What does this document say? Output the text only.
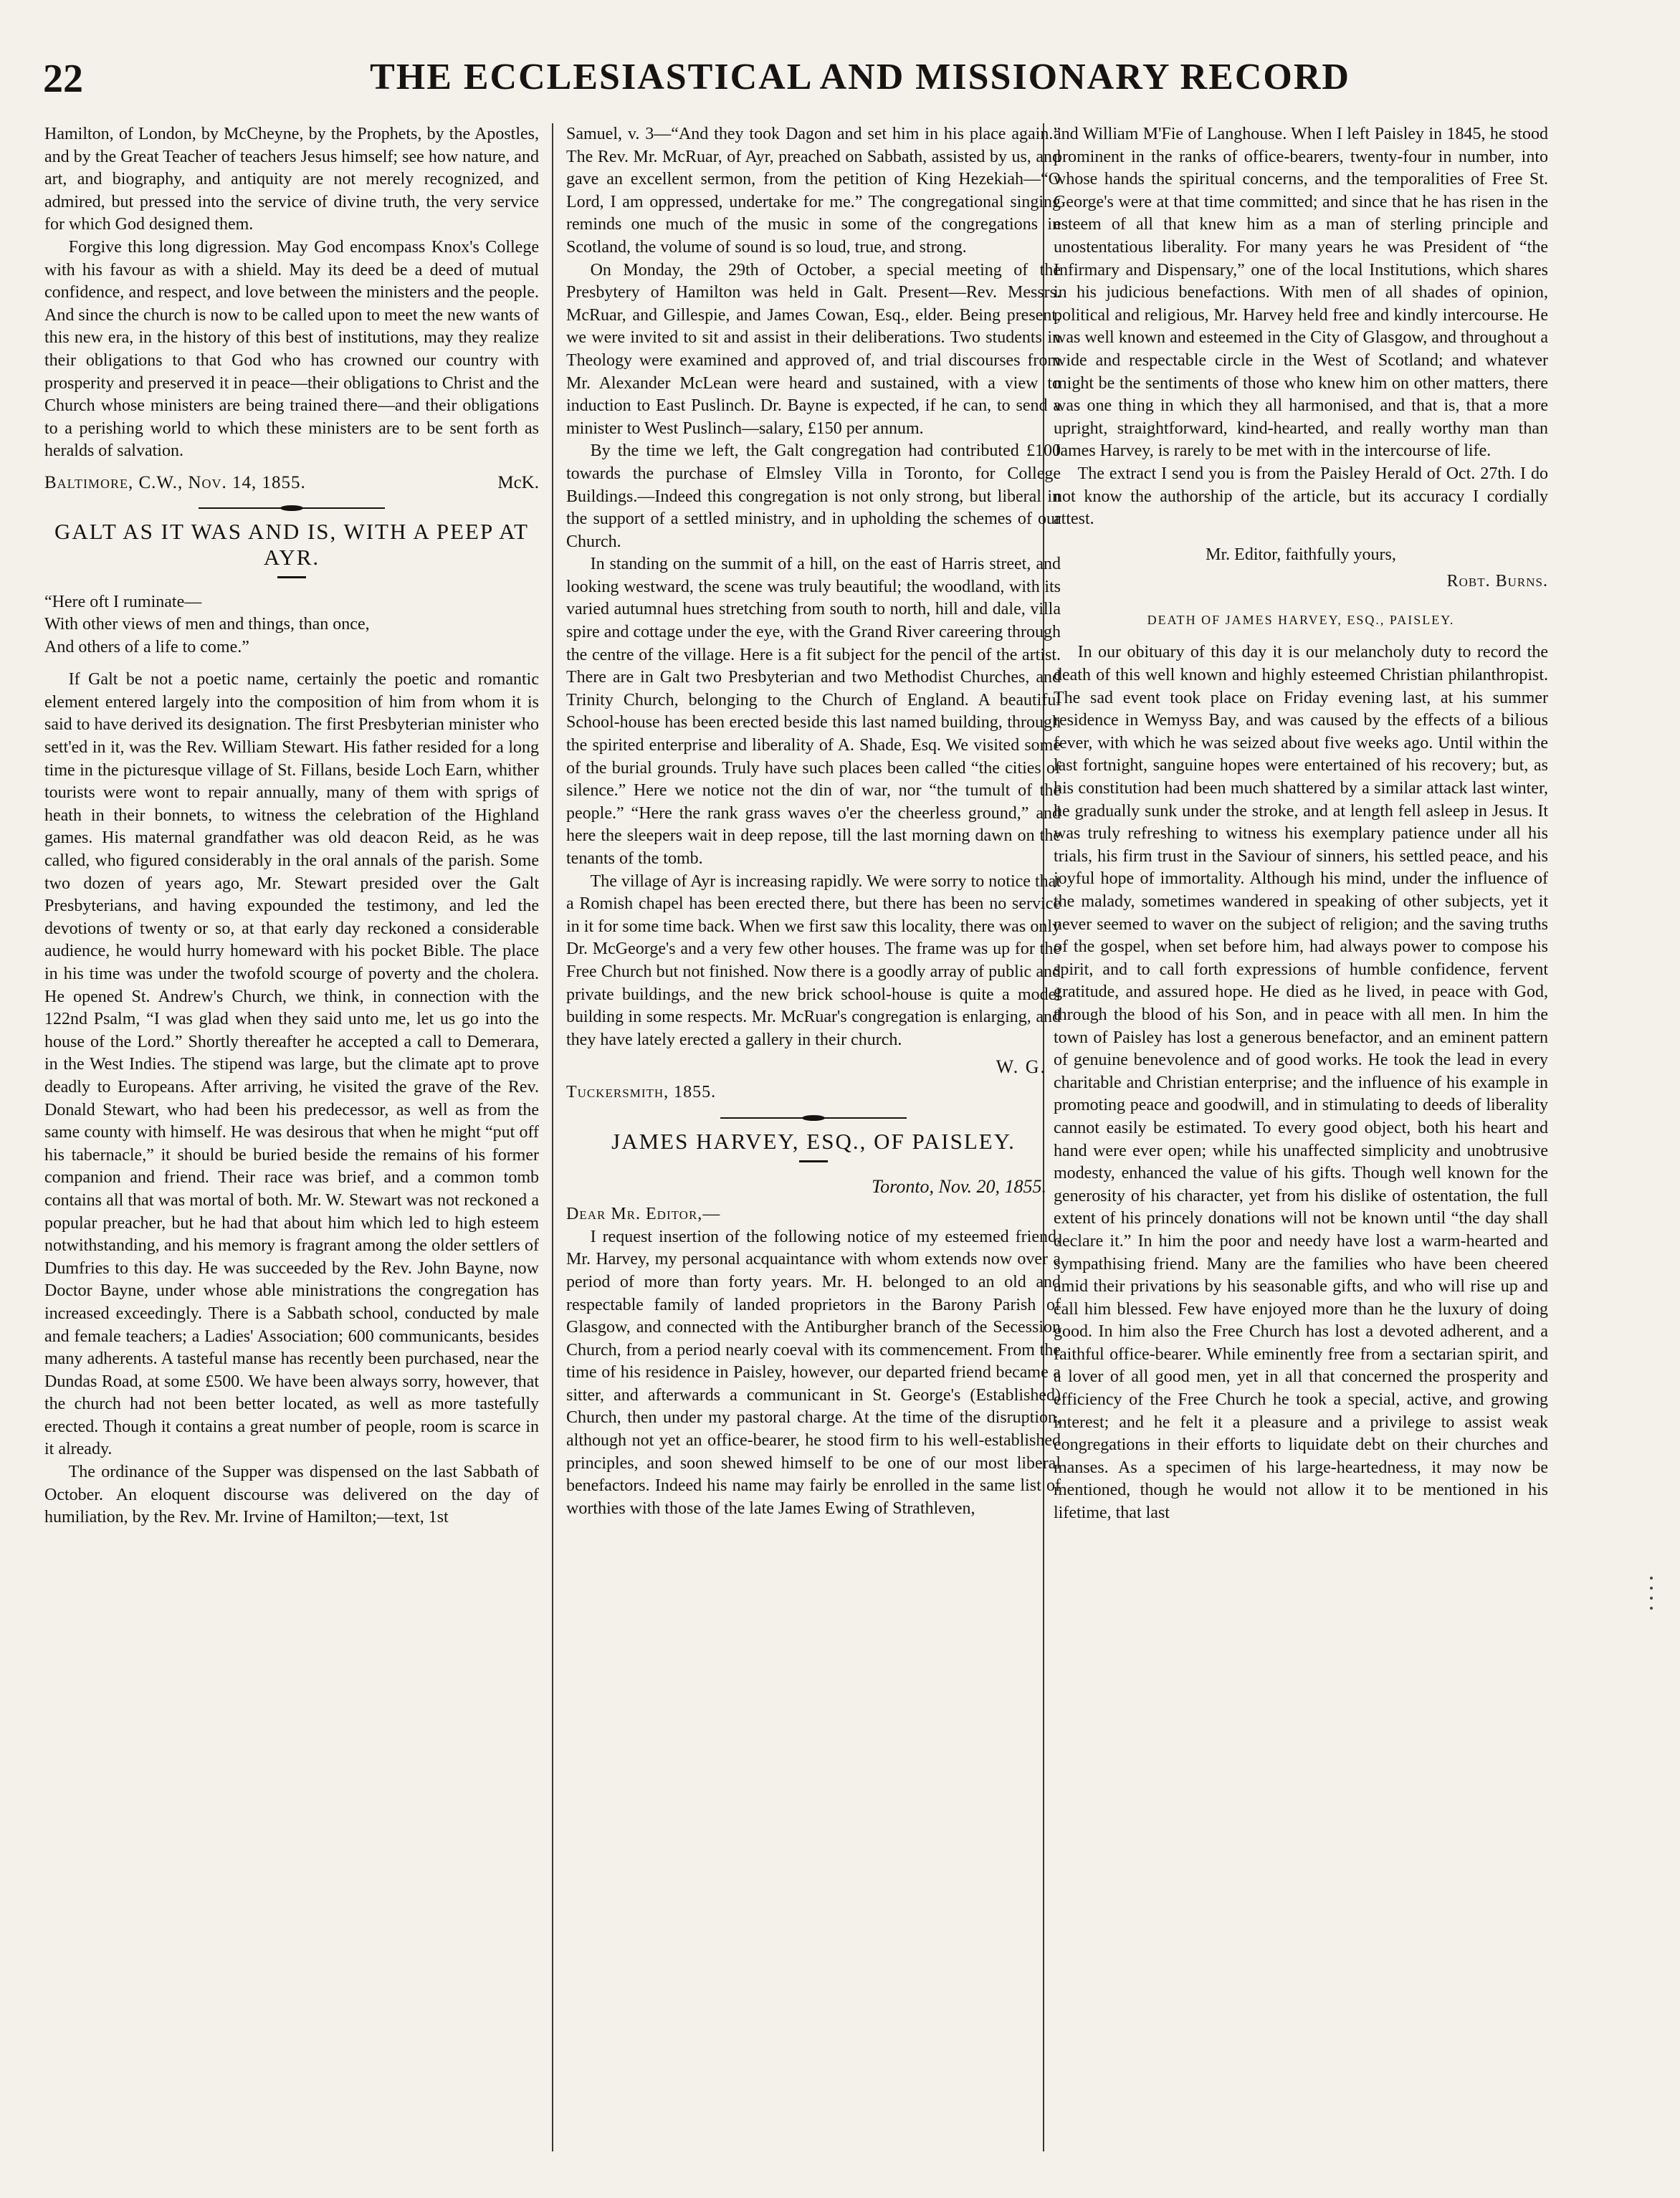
22	THE ECCLESIASTICAL AND MISSIONARY RECORD

Hamilton, of London, by McCheyne, by the Prophets, by the Apostles, and by the Great Teacher of teachers Jesus himself; see how nature, and art, and biography, and antiquity are not merely recognized, and admired, but pressed into the service of divine truth, the very service for which God designed them.

Forgive this long digression. May God encompass Knox's College with his favour as with a shield. May its deed be a deed of mutual confidence, and respect, and love between the ministers and the people. And since the church is now to be called upon to meet the new wants of this new era, in the history of this best of institutions, may they realize their obligations to that God who has crowned our country with prosperity and preserved it in peace—their obligations to Christ and the Church whose ministers are being trained there—and their obligations to a perishing world to which these ministers are to be sent forth as heralds of salvation.

Baltimore, C.W., Nov. 14, 1855.	McK.
GALT AS IT WAS AND IS, WITH A PEEP AT AYR.
“Here oft I ruminate—
With other views of men and things, than once,
And others of a life to come.”

If Galt be not a poetic name, certainly the poetic and romantic element entered largely into the composition of him from whom it is said to have derived its designation. The first Presbyterian minister who sett'ed in it, was the Rev. William Stewart. His father resided for a long time in the picturesque village of St. Fillans, beside Loch Earn, whither tourists were wont to repair annually, many of them with sprigs of heath in their bonnets, to witness the celebration of the Highland games. His maternal grandfather was old deacon Reid, as he was called, who figured considerably in the oral annals of the parish. Some two dozen of years ago, Mr. Stewart presided over the Galt Presbyterians, and having expounded the testimony, and led the devotions of twenty or so, at that early day reckoned a considerable audience, he would hurry homeward with his pocket Bible. The place in his time was under the twofold scourge of poverty and the cholera. He opened St. Andrew's Church, we think, in connection with the 122nd Psalm, “I was glad when they said unto me, let us go into the house of the Lord.” Shortly thereafter he accepted a call to Demerara, in the West Indies. The stipend was large, but the climate apt to prove deadly to Europeans. After arriving, he visited the grave of the Rev. Donald Stewart, who had been his predecessor, as well as from the same county with himself. He was desirous that when he might “put off his tabernacle,” it should be buried beside the remains of his former companion and friend. Their race was brief, and a common tomb contains all that was mortal of both. Mr. W. Stewart was not reckoned a popular preacher, but he had that about him which led to high esteem notwithstanding, and his memory is fragrant among the older settlers of Dumfries to this day. He was succeeded by the Rev. John Bayne, now Doctor Bayne, under whose able ministrations the congregation has increased exceedingly. There is a Sabbath school, conducted by male and female teachers; a Ladies' Association; 600 communicants, besides many adherents. A tasteful manse has recently been purchased, near the Dundas Road, at some £500. We have been always sorry, however, that the church had not been better located, as well as more tastefully erected. Though it contains a great number of people, room is scarce in it already.

The ordinance of the Supper was dispensed on the last Sabbath of October. An eloquent discourse was delivered on the day of humiliation, by the Rev. Mr. Irvine of Hamilton;—text, 1st

Samuel, v. 3—“And they took Dagon and set him in his place again.” The Rev. Mr. McRuar, of Ayr, preached on Sabbath, assisted by us, and gave an excellent sermon, from the petition of King Hezekiah—“O Lord, I am oppressed, undertake for me.” The congregational singing reminds one much of the music in some of the congregations in Scotland, the volume of sound is so loud, true, and strong.

On Monday, the 29th of October, a special meeting of the Presbytery of Hamilton was held in Galt. Present—Rev. Messrs. McRuar, and Gillespie, and James Cowan, Esq., elder. Being present, we were invited to sit and assist in their deliberations. Two students in Theology were examined and approved of, and trial discourses from Mr. Alexander McLean were heard and sustained, with a view to induction to East Puslinch. Dr. Bayne is expected, if he can, to send a minister to West Puslinch—salary, £150 per annum.

By the time we left, the Galt congregation had contributed £100 towards the purchase of Elmsley Villa in Toronto, for College Buildings.—Indeed this congregation is not only strong, but liberal in the support of a settled ministry, and in upholding the schemes of our Church.

In standing on the summit of a hill, on the east of Harris street, and looking westward, the scene was truly beautiful; the woodland, with its varied autumnal hues stretching from south to north, hill and dale, villa spire and cottage under the eye, with the Grand River careering through the centre of the village. Here is a fit subject for the pencil of the artist. There are in Galt two Presbyterian and two Methodist Churches, and Trinity Church, belonging to the Church of England. A beautiful School-house has been erected beside this last named building, through the spirited enterprise and liberality of A. Shade, Esq. We visited some of the burial grounds. Truly have such places been called “the cities of silence.” Here we notice not the din of war, nor “the tumult of the people.” “Here the rank grass waves o'er the cheerless ground,” and here the sleepers wait in deep repose, till the last morning dawn on the tenants of the tomb.

The village of Ayr is increasing rapidly. We were sorry to notice that a Romish chapel has been erected there, but there has been no service in it for some time back. When we first saw this locality, there was only Dr. McGeorge's and a very few other houses. The frame was up for the Free Church but not finished. Now there is a goodly array of public and private buildings, and the new brick school-house is quite a model building in some respects. Mr. McRuar's congregation is enlarging, and they have lately erected a gallery in their church.

W. G.
Tuckersmith, 1855.
JAMES HARVEY, ESQ., OF PAISLEY.
Toronto, Nov. 20, 1855.
Dear Mr. Editor,—

I request insertion of the following notice of my esteemed friend, Mr. Harvey, my personal acquaintance with whom extends now over a period of more than forty years. Mr. H. belonged to an old and respectable family of landed proprietors in the Barony Parish of Glasgow, and connected with the Antiburgher branch of the Secession Church, from a period nearly coeval with its commencement. From the time of his residence in Paisley, however, our departed friend became a sitter, and afterwards a communicant in St. George's (Established) Church, then under my pastoral charge. At the time of the disruption, although not yet an office-bearer, he stood firm to his well-established principles, and soon shewed himself to be one of our most liberal benefactors. Indeed his name may fairly be enrolled in the same list of worthies with those of the late James Ewing of Strathleven,

and William M'Fie of Langhouse. When I left Paisley in 1845, he stood prominent in the ranks of office-bearers, twenty-four in number, into whose hands the spiritual concerns, and the temporalities of Free St. George's were at that time committed; and since that he has risen in the esteem of all that knew him as a man of sterling principle and unostentatious liberality. For many years he was President of “the Infirmary and Dispensary,” one of the local Institutions, which shares in his judicious benefactions. With men of all shades of opinion, political and religious, Mr. Harvey held free and kindly intercourse. He was well known and esteemed in the City of Glasgow, and throughout a wide and respectable circle in the West of Scotland; and whatever might be the sentiments of those who knew him on other matters, there was one thing in which they all harmonised, and that is, that a more upright, straightforward, kind-hearted, and really worthy man than James Harvey, is rarely to be met with in the intercourse of life.

The extract I send you is from the Paisley Herald of Oct. 27th. I do not know the authorship of the article, but its accuracy I cordially attest.

Mr. Editor, faithfully yours,
Robt. Burns.
DEATH OF JAMES HARVEY, ESQ., PAISLEY.

In our obituary of this day it is our melancholy duty to record the death of this well known and highly esteemed Christian philanthropist. The sad event took place on Friday evening last, at his summer residence in Wemyss Bay, and was caused by the effects of a bilious fever, with which he was seized about five weeks ago. Until within the last fortnight, sanguine hopes were entertained of his recovery; but, as his constitution had been much shattered by a similar attack last winter, he gradually sunk under the stroke, and at length fell asleep in Jesus. It was truly refreshing to witness his exemplary patience under all his trials, his firm trust in the Saviour of sinners, his settled peace, and his joyful hope of immortality. Although his mind, under the influence of the malady, sometimes wandered in speaking of other subjects, yet it never seemed to waver on the subject of religion; and the saving truths of the gospel, when set before him, had always power to compose his spirit, and to call forth expressions of humble confidence, fervent gratitude, and assured hope. He died as he lived, in peace with God, through the blood of his Son, and in peace with all men. In him the town of Paisley has lost a generous benefactor, and an eminent pattern of genuine benevolence and of good works. He took the lead in every charitable and Christian enterprise; and the influence of his example in promoting peace and goodwill, and in stimulating to deeds of liberality cannot easily be estimated. To every good object, both his heart and hand were ever open; while his unaffected simplicity and unobtrusive modesty, enhanced the value of his gifts. Though well known for the generosity of his character, yet from his dislike of ostentation, the full extent of his princely donations will not be known until “the day shall declare it.” In him the poor and needy have lost a warm-hearted and sympathising friend. Many are the families who have been cheered amid their privations by his seasonable gifts, and who will rise up and call him blessed. Few have enjoyed more than he the luxury of doing good. In him also the Free Church has lost a devoted adherent, and a faithful office-bearer. While eminently free from a sectarian spirit, and a lover of all good men, yet in all that concerned the prosperity and efficiency of the Free Church he took a special, active, and growing interest; and he felt it a pleasure and a privilege to assist weak congregations in their efforts to liquidate debt on their churches and manses. As a specimen of his large-heartedness, it may now be mentioned, though he would not allow it to be mentioned in his lifetime, that last
